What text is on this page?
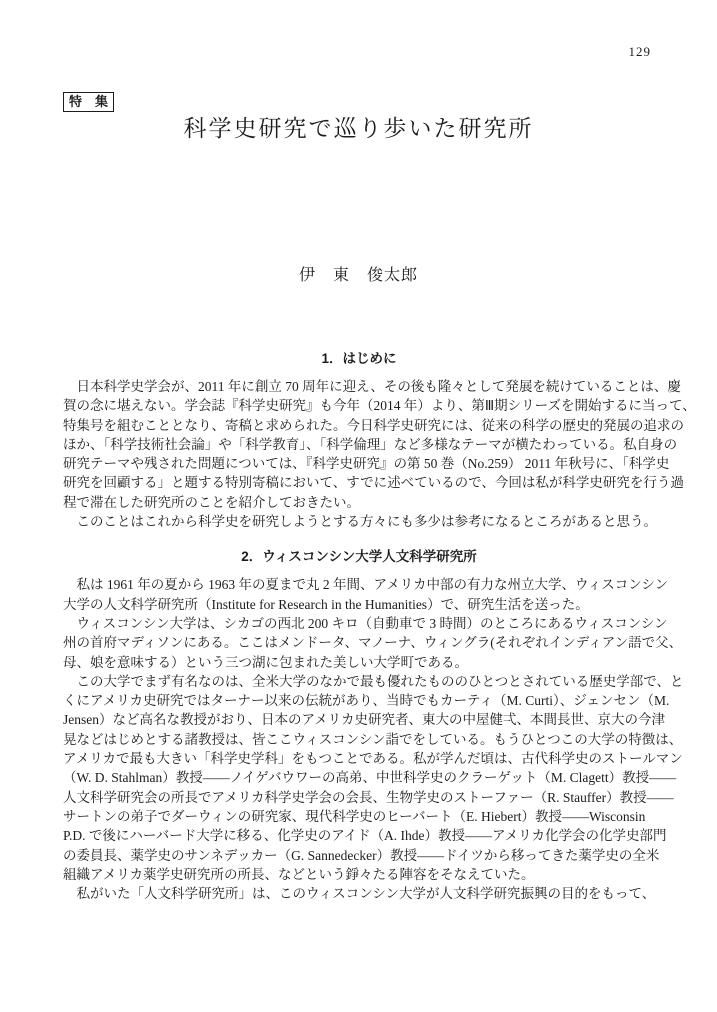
129
特　集
科学史研究で巡り歩いた研究所
伊　東　俊太郎
1．はじめに

　日本科学史学会が、2011 年に創立 70 周年に迎え、その後も隆々として発展を続けていることは、慶

賀の念に堪えない。学会誌『科学史研究』も今年（2014 年）より、第Ⅲ期シリーズを開始するに当って、

特集号を組むこととなり、寄稿と求められた。今日科学史研究には、従来の科学の歴史的発展の追求の

ほか、「科学技術社会論」や「科学教育」、「科学倫理」など多様なテーマが横たわっている。私自身の

研究テーマや残された問題については、『科学史研究』の第 50 巻（No.259） 2011 年秋号に、「科学史

研究を回顧する」と題する特別寄稿において、すでに述べているので、今回は私が科学史研究を行う過

程で滞在した研究所のことを紹介しておきたい。

　このことはこれから科学史を研究しようとする方々にも多少は参考になるところがあると思う。

2．ウィスコンシン大学人文科学研究所

　私は 1961 年の夏から 1963 年の夏まで丸 2 年間、アメリカ中部の有力な州立大学、ウィスコンシン

大学の人文科学研究所（Institute for Research in the Humanities）で、研究生活を送った。

　ウィスコンシン大学は、シカゴの西北 200 キロ（自動車で 3 時間）のところにあるウィスコンシン

州の首府マディソンにある。ここはメンドータ、マノーナ、ウィングラ(それぞれインディアン語で父、

母、娘を意味する）という三つ湖に包まれた美しい大学町である。

　この大学でまず有名なのは、全米大学のなかで最も優れたもののひとつとされている歴史学部で、と

くにアメリカ史研究ではターナー以来の伝統があり、当時でもカーティ（M. Curti）、ジェンセン（M.

Jensen）など高名な教授がおり、日本のアメリカ史研究者、東大の中屋健弌、本間長世、京大の今津

晃などはじめとする諸教授は、皆ここウィスコンシン詣でをしている。もうひとつこの大学の特徴は、

アメリカで最も大きい「科学史学科」をもつことである。私が学んだ頃は、古代科学史のストールマン

（W. D. Stahlman）教授――ノイゲバウワーの高弟、中世科学史のクラーゲット（M. Clagett）教授――

人文科学研究会の所長でアメリカ科学史学会の会長、生物学史のストーファー（R. Stauffer）教授――

サートンの弟子でダーウィンの研究家、現代科学史のヒーバート（E. Hiebert）教授――Wisconsin

P.D. で後にハーバード大学に移る、化学史のアイド（A. Ihde）教授――アメリカ化学会の化学史部門

の委員長、薬学史のサンネデッカー（G. Sannedecker）教授――ドイツから移ってきた薬学史の全米

組織アメリカ薬学史研究所の所長、などという錚々たる陣容をそなえていた。

　私がいた「人文科学研究所」は、このウィスコンシン大学が人文科学研究振興の目的をもって、
